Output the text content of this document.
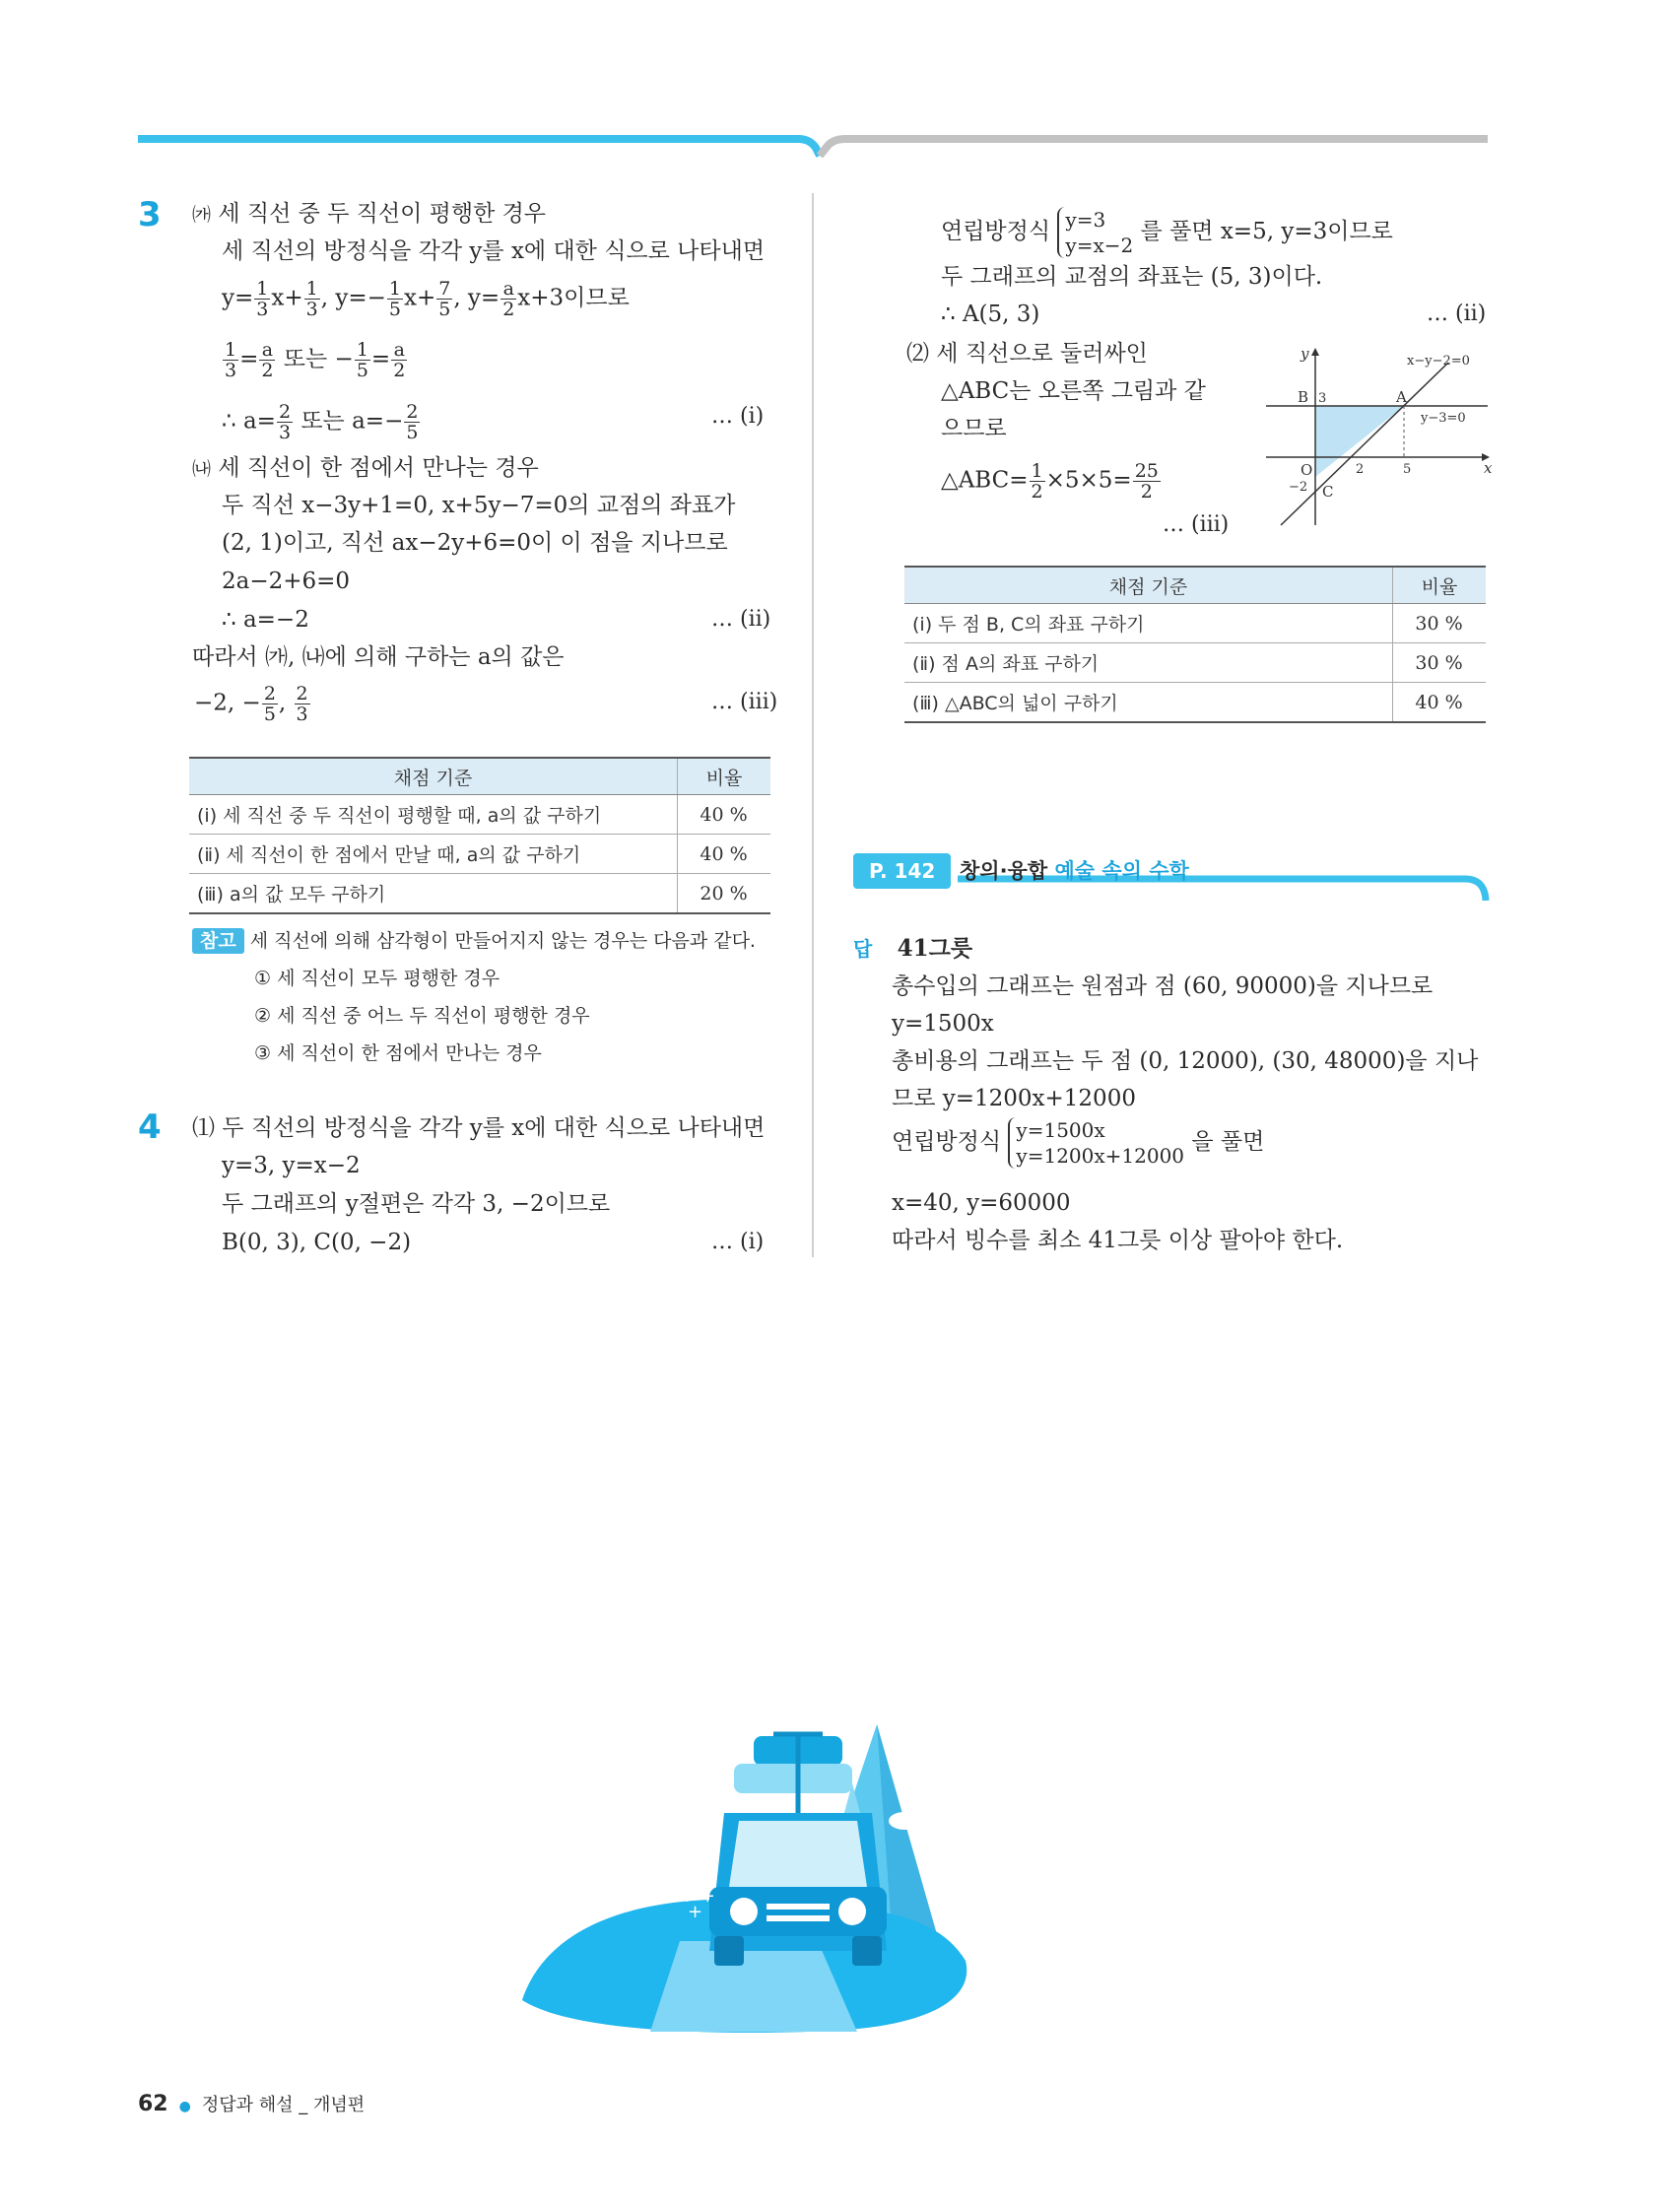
3 ㈎ 세 직선 중 두 직선이 평행한 경우
세 직선의 방정식을 각각 y를 x에 대한 식으로 나타내면
$y= \frac{1}{3} x+ \frac{1}{3}$ , $y=- \frac{1}{5} x+ \frac{7}{5}$ , $y= \frac{a}{2} x+3$이므로
$\frac{1}{3} = \frac{a}{2}$ 또는 − $\frac{1}{5} = \frac{a}{2}$
∴ $a= \frac{2}{3}$ 또는 $a=- \frac{2}{5}$	… (ⅰ)
㈏ 세 직선이 한 점에서 만나는 경우
두 직선 x−3y+1=0, x+5y−7=0의 교점의 좌표가
(2, 1)이고, 직선 ax−2y+6=0이 이 점을 지나므로
2a−2+6=0
∴ a=−2	… (ⅱ)
따라서 ㈎, ㈏에 의해 구하는 a의 값은
−2, − $\frac{2}{5}$ , $\frac{2}{3}$	… (ⅲ)
채점 기준	비율
(ⅰ) 세 직선 중 두 직선이 평행할 때, a의 값 구하기	40 %
(ⅱ) 세 직선이 한 점에서 만날 때, a의 값 구하기	40 %
(ⅲ) a의 값 모두 구하기	20 %
참고 세 직선에 의해 삼각형이 만들어지지 않는 경우는 다음과 같다.
① 세 직선이 모두 평행한 경우
② 세 직선 중 어느 두 직선이 평행한 경우
③ 세 직선이 한 점에서 만나는 경우
4 ⑴ 두 직선의 방정식을 각각 y를 x에 대한 식으로 나타내면
y=3, y=x−2
두 그래프의 y절편은 각각 3, −2이므로
B(0, 3), C(0, −2)	… (ⅰ)
연립방정식 y=3
y=x−2
를 풀면 x=5, y=3이므로
두 그래프의 교점의 좌표는 (5, 3)이다.
∴ A(5, 3)	… (ⅱ)
⑵ 세 직선으로 둘러싸인
△ABC는 오른쪽 그림과 같
으므로
△ABC= $\frac{1}{2} \times 5\times 5= \frac{25}{2}$
… (ⅲ)
y
x
O
B 3	A
C
−2
2	5
x−y−2=0
y−3=0
채점 기준	비율
(ⅰ) 두 점 B, C의 좌표 구하기	30 %
(ⅱ) 점 A의 좌표 구하기	30 %
(ⅲ) △ABC의 넓이 구하기	40 %
P. 142	창의·융합 예술 속의 수학
답 41그릇
총수입의 그래프는 원점과 점 (60, 90000)을 지나므로
y=1500x
총비용의 그래프는 두 점 (0, 12000), (30, 48000)을 지나
므로 y=1200x+12000
연립방정식 y=1500x
y=1200x+12000
을 풀면
x=40, y=60000
따라서 빙수를 최소 41그릇 이상 팔아야 한다.
+ +
+
62 ● 정답과 해설 _ 개념편
